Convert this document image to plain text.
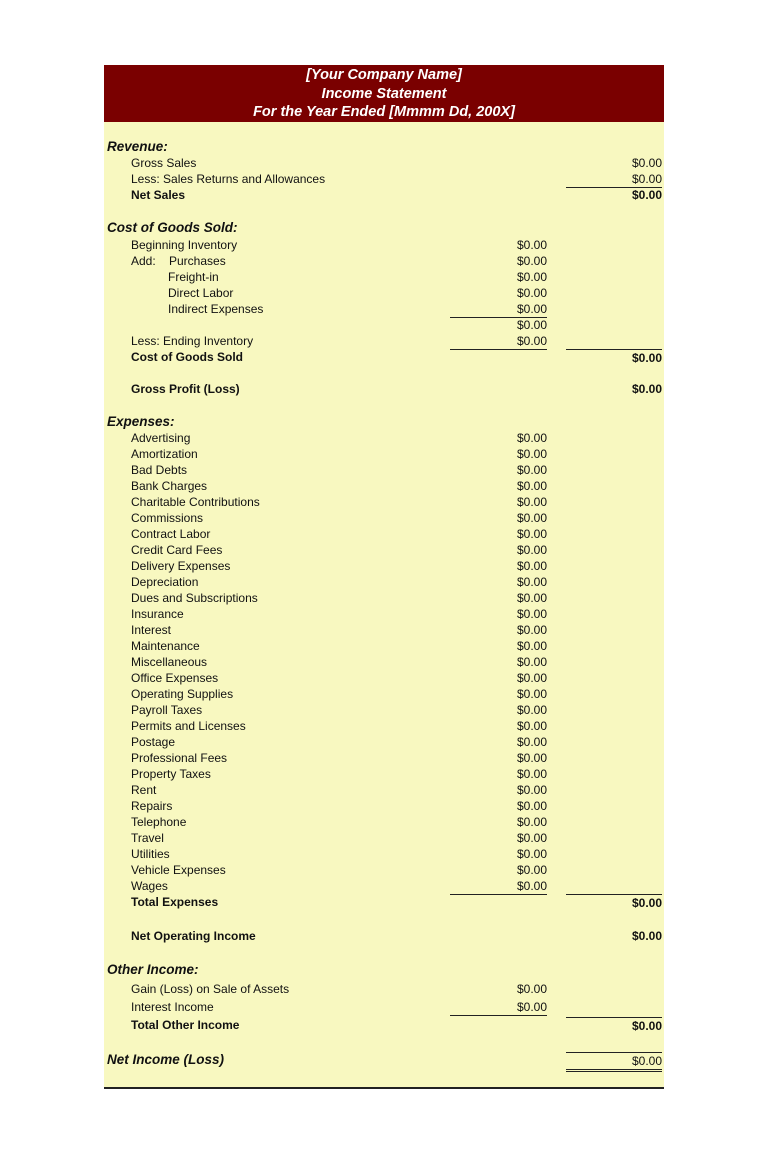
[Your Company Name]
Income Statement
For the Year Ended [Mmmm Dd, 200X]
Revenue:
Gross Sales	$0.00
Less: Sales Returns and Allowances	$0.00
Net Sales	$0.00
Cost of Goods Sold:
Beginning Inventory	$0.00
Add: Purchases	$0.00
Freight-in	$0.00
Direct Labor	$0.00
Indirect Expenses	$0.00
$0.00
Less: Ending Inventory	$0.00
Cost of Goods Sold	$0.00
Gross Profit (Loss)	$0.00
Expenses:
Advertising	$0.00
Amortization	$0.00
Bad Debts	$0.00
Bank Charges	$0.00
Charitable Contributions	$0.00
Commissions	$0.00
Contract Labor	$0.00
Credit Card Fees	$0.00
Delivery Expenses	$0.00
Depreciation	$0.00
Dues and Subscriptions	$0.00
Insurance	$0.00
Interest	$0.00
Maintenance	$0.00
Miscellaneous	$0.00
Office Expenses	$0.00
Operating Supplies	$0.00
Payroll Taxes	$0.00
Permits and Licenses	$0.00
Postage	$0.00
Professional Fees	$0.00
Property Taxes	$0.00
Rent	$0.00
Repairs	$0.00
Telephone	$0.00
Travel	$0.00
Utilities	$0.00
Vehicle Expenses	$0.00
Wages	$0.00
Total Expenses	$0.00
Net Operating Income	$0.00
Other Income:
Gain (Loss) on Sale of Assets	$0.00
Interest Income	$0.00
Total Other Income	$0.00
Net Income (Loss)	$0.00
